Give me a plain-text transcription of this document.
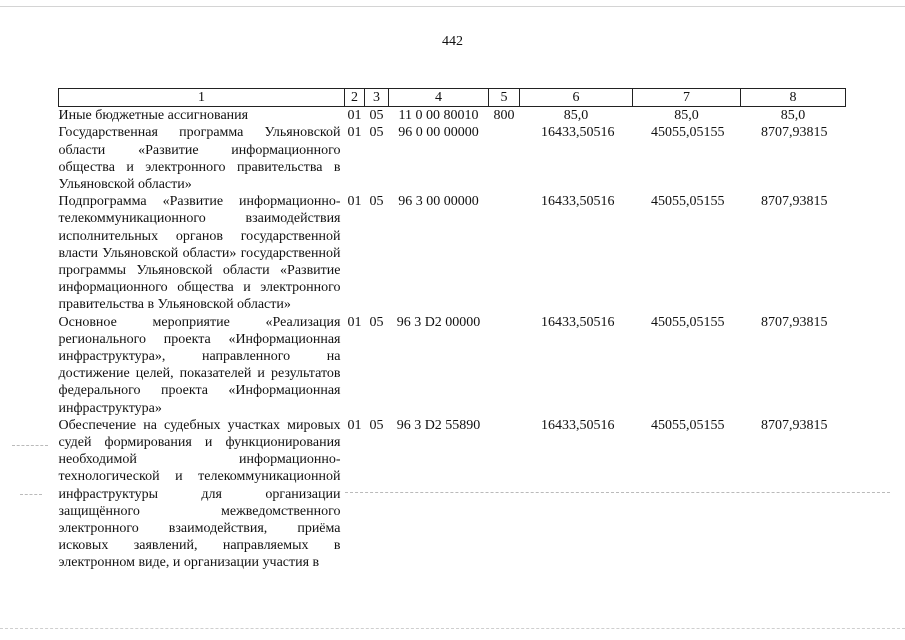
442
1	2	3	4	5	6	7	8
Иные бюджетные ассигнования	01	05	11 0 00 80010	800	85,0	85,0	85,0
Государственная программа Ульяновской области «Развитие информационного общества и электронного правительства в Ульяновской области»	01	05	96 0 00 00000		16433,50516	45055,05155	8707,93815
Подпрограмма «Развитие информационно-телекоммуникационного взаимодействия исполнительных органов государственной власти Ульяновской области» государственной программы Ульяновской области «Развитие информационного общества и электронного правительства в Ульяновской области»	01	05	96 3 00 00000		16433,50516	45055,05155	8707,93815
Основное мероприятие «Реализация регионального проекта «Информационная инфраструктура», направленного на достижение целей, показателей и результатов федерального проекта «Информационная инфраструктура»	01	05	96 3 D2 00000		16433,50516	45055,05155	8707,93815
Обеспечение на судебных участках мировых судей формирования и функционирования необходимой информационно-технологической и телекоммуникационной инфраструктуры для организации защищённого межведомственного электронного взаимодействия, приёма исковых заявлений, направляемых в электронном виде, и организации участия в	01	05	96 3 D2 55890		16433,50516	45055,05155	8707,93815
